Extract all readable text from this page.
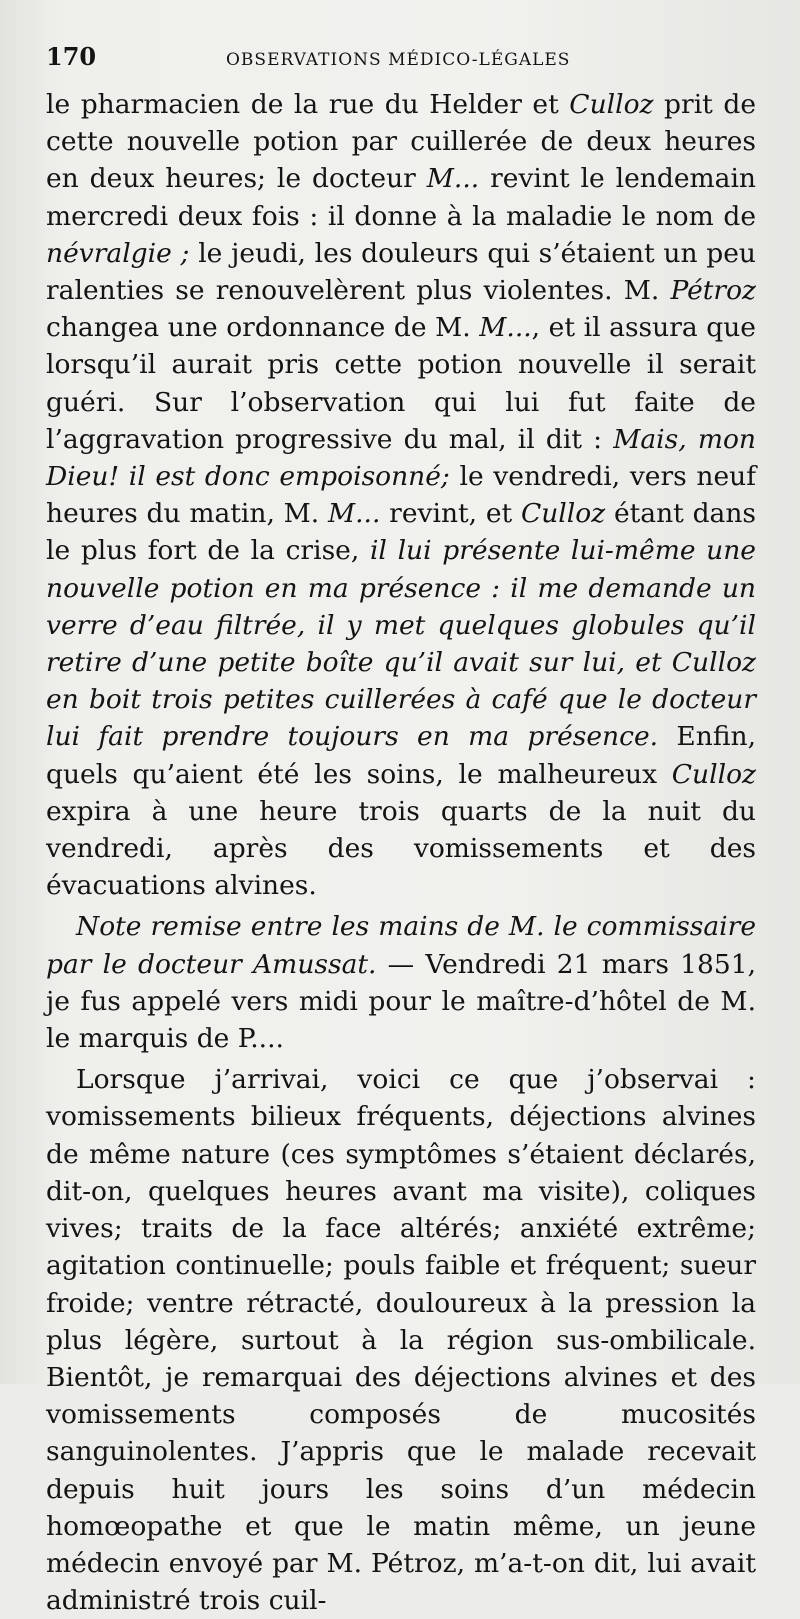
170	OBSERVATIONS MÉDICO-LÉGALES

le pharmacien de la rue du Helder et Culloz prit de cette nouvelle potion par cuillerée de deux heures en deux heures; le docteur M... revint le lendemain mercredi deux fois : il donne à la maladie le nom de névralgie ; le jeudi, les douleurs qui s’étaient un peu ralenties se renouvelèrent plus violentes. M. Pétroz changea une ordonnance de M. M..., et il assura que lorsqu’il aurait pris cette potion nouvelle il serait guéri. Sur l’observation qui lui fut faite de l’aggravation progressive du mal, il dit : Mais, mon Dieu! il est donc empoisonné; le vendredi, vers neuf heures du matin, M. M... revint, et Culloz étant dans le plus fort de la crise, il lui présente lui-même une nouvelle potion en ma présence : il me demande un verre d’eau filtrée, il y met quelques globules qu’il retire d’une petite boîte qu’il avait sur lui, et Culloz en boit trois petites cuillerées à café que le docteur lui fait prendre toujours en ma présence. Enfin, quels qu’aient été les soins, le malheureux Culloz expira à une heure trois quarts de la nuit du vendredi, après des vomissements et des évacuations alvines.

Note remise entre les mains de M. le commissaire par le docteur Amussat. — Vendredi 21 mars 1851, je fus appelé vers midi pour le maître-d’hôtel de M. le marquis de P....

Lorsque j’arrivai, voici ce que j’observai : vomissements bilieux fréquents, déjections alvines de même nature (ces symptômes s’étaient déclarés, dit-on, quelques heures avant ma visite), coliques vives; traits de la face altérés; anxiété extrême; agitation continuelle; pouls faible et fréquent; sueur froide; ventre rétracté, douloureux à la pression la plus légère, surtout à la région sus-ombilicale. Bientôt, je remarquai des déjections alvines et des vomissements composés de mucosités sanguinolentes. J’appris que le malade recevait depuis huit jours les soins d’un médecin homœopathe et que le matin même, un jeune médecin envoyé par M. Pétroz, m’a-t-on dit, lui avait administré trois cuil-
